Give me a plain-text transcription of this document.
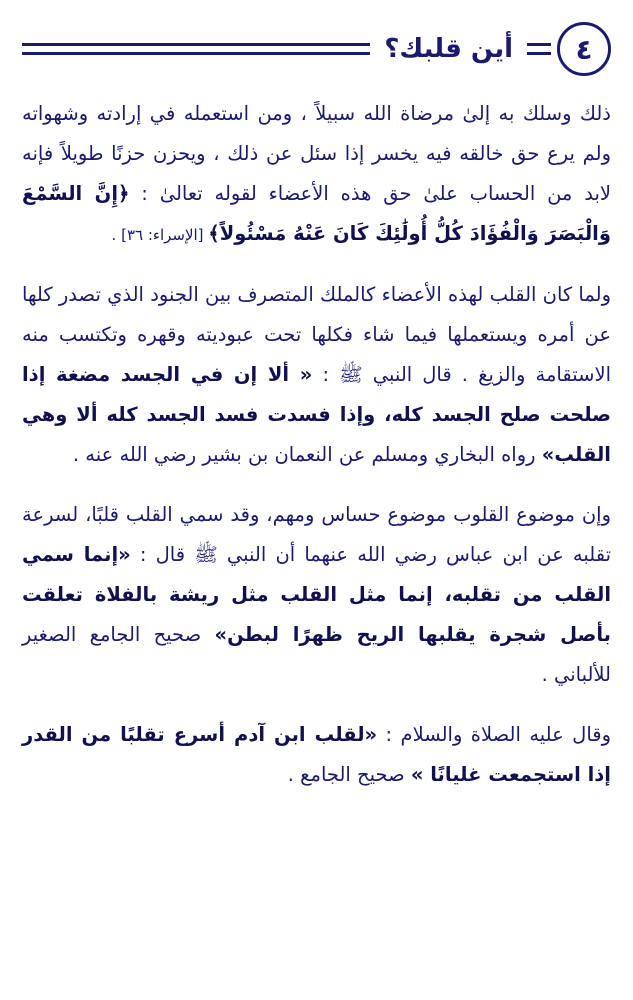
٤
أين قلبك؟

ذلك وسلك به إلىٰ مرضاة الله سبيلاً ، ومن استعمله في إرادته وشهواته ولم يرع حق خالقه فيه يخسر إذا سئل عن ذلك ، ويحزن حزنًا طويلاً فإنه لابد من الحساب علىٰ حق هذه الأعضاء لقوله تعالىٰ : ﴿إِنَّ السَّمْعَ وَالْبَصَرَ وَالْفُؤَادَ كُلُّ أُولَٰئِكَ كَانَ عَنْهُ مَسْئُولاً﴾ [الإسراء: ٣٦] .

ولما كان القلب لهذه الأعضاء كالملك المتصرف بين الجنود الذي تصدر كلها عن أمره ويستعملها فيما شاء فكلها تحت عبوديته وقهره وتكتسب منه الاستقامة والزيغ . قال النبي ﷺ : « ألا إن في الجسد مضغة إذا صلحت صلح الجسد كله، وإذا فسدت فسد الجسد كله ألا وهي القلب» رواه البخاري ومسلم عن النعمان بن بشير رضي الله عنه .

وإن موضوع القلوب موضوع حساس ومهم، وقد سمي القلب قلبًا، لسرعة تقلبه عن ابن عباس رضي الله عنهما أن النبي ﷺ قال : «إنما سمي القلب من تقلبه، إنما مثل القلب مثل ريشة بالفلاة تعلقت بأصل شجرة يقلبها الريح ظهرًا لبطن» صحيح الجامع الصغير للألباني .

وقال عليه الصلاة والسلام : «لقلب ابن آدم أسرع تقلبًا من القدر إذا استجمعت غليانًا » صحيح الجامع .
